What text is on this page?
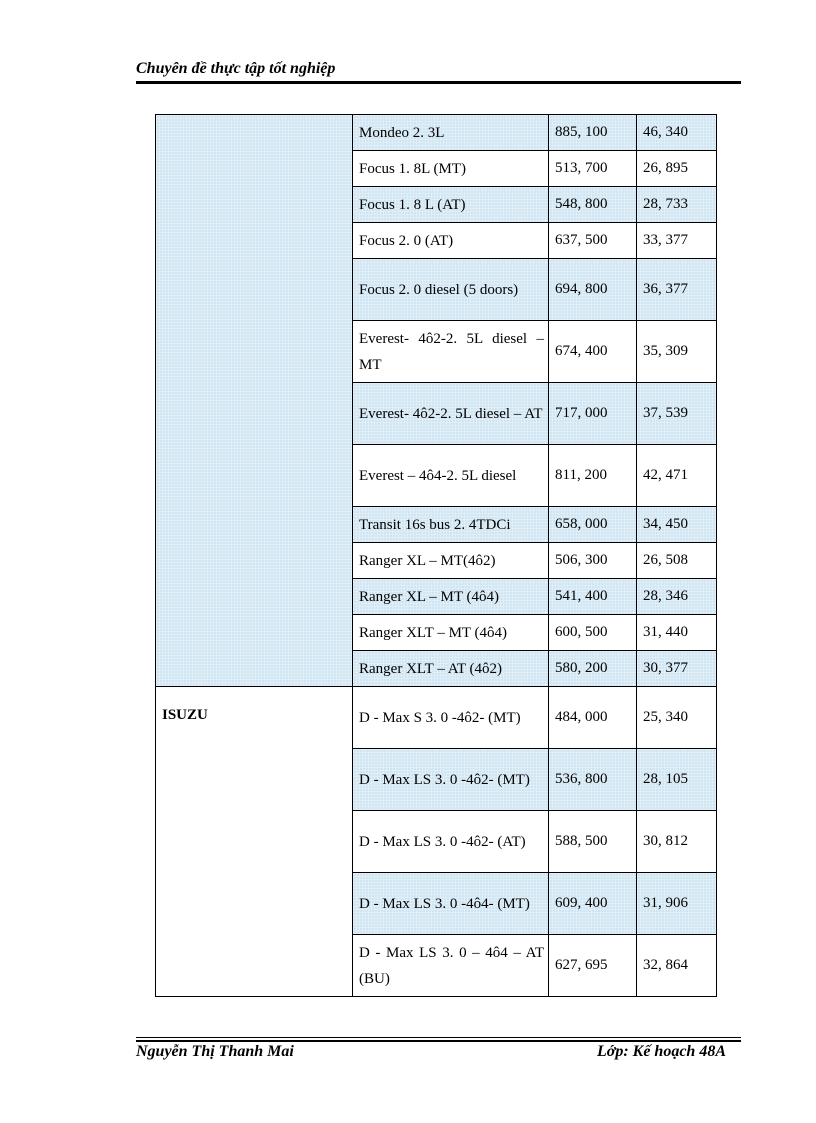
Chuyên đề thực tập tốt nghiệp
	Mondeo 2. 3L	885, 100	46, 340
	Focus 1. 8L (MT)	513, 700	26, 895
	Focus 1. 8 L (AT)	548, 800	28, 733
	Focus 2. 0 (AT)	637, 500	33, 377
	Focus 2. 0 diesel (5 doors)	694, 800	36, 377
	Everest- 4ô2-2. 5L diesel – MT	674, 400	35, 309
	Everest- 4ô2-2. 5L diesel – AT	717, 000	37, 539
	Everest – 4ô4-2. 5L diesel	811, 200	42, 471
	Transit 16s bus 2. 4TDCi	658, 000	34, 450
	Ranger XL – MT(4ô2)	506, 300	26, 508
	Ranger XL – MT (4ô4)	541, 400	28, 346
	Ranger XLT – MT (4ô4)	600, 500	31, 440
	Ranger XLT – AT (4ô2)	580, 200	30, 377
ISUZU	D - Max S 3. 0 -4ô2- (MT)	484, 000	25, 340
	D - Max LS 3. 0 -4ô2- (MT)	536, 800	28, 105
	D - Max LS 3. 0 -4ô2- (AT)	588, 500	30, 812
	D - Max LS 3. 0 -4ô4- (MT)	609, 400	31, 906
	D - Max LS 3. 0 – 4ô4 – AT (BU)	627, 695	32, 864
Nguyễn Thị Thanh Mai	Lớp: Kế hoạch 48A
